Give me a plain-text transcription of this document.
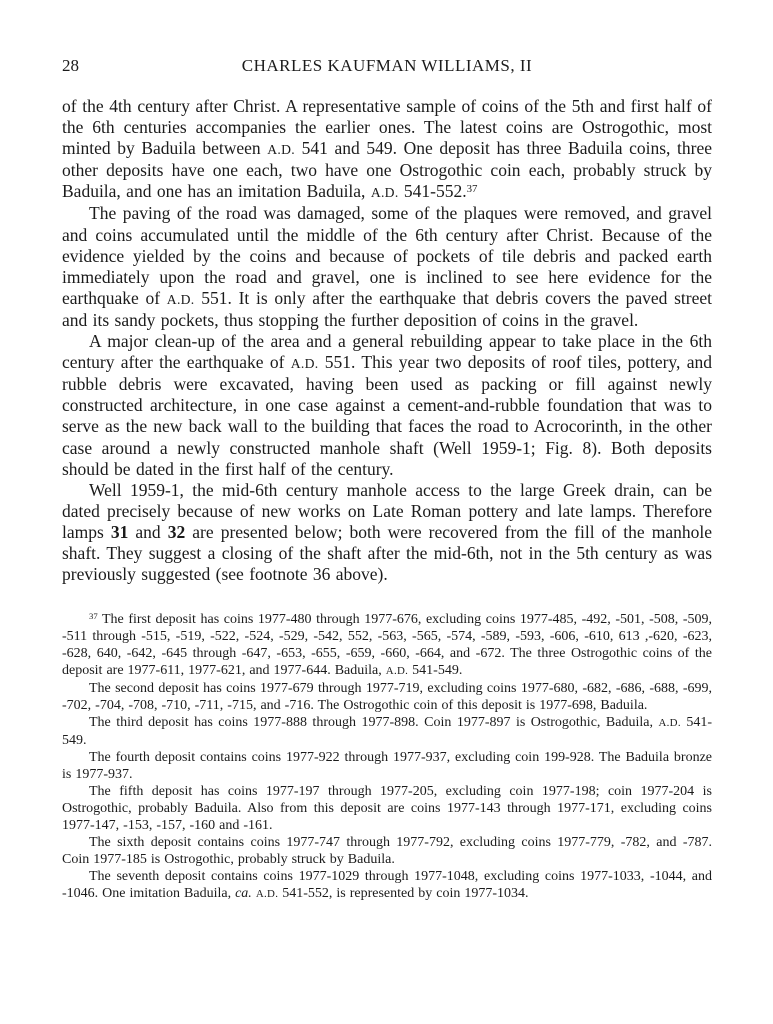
28	CHARLES KAUFMAN WILLIAMS, II

of the 4th century after Christ. A representative sample of coins of the 5th and first half of the 6th centuries accompanies the earlier ones. The latest coins are Ostrogothic, most minted by Baduila between A.D. 541 and 549. One deposit has three Baduila coins, three other deposits have one each, two have one Ostrogothic coin each, probably struck by Baduila, and one has an imitation Baduila, A.D. 541-552.37

The paving of the road was damaged, some of the plaques were removed, and gravel and coins accumulated until the middle of the 6th century after Christ. Because of the evidence yielded by the coins and because of pockets of tile debris and packed earth immediately upon the road and gravel, one is inclined to see here evidence for the earthquake of A.D. 551. It is only after the earthquake that debris covers the paved street and its sandy pockets, thus stopping the further deposition of coins in the gravel.

A major clean-up of the area and a general rebuilding appear to take place in the 6th century after the earthquake of A.D. 551. This year two deposits of roof tiles, pottery, and rubble debris were excavated, having been used as packing or fill against newly constructed architecture, in one case against a cement-and-rubble foundation that was to serve as the new back wall to the building that faces the road to Acrocorinth, in the other case around a newly constructed manhole shaft (Well 1959-1; Fig. 8). Both deposits should be dated in the first half of the century.

Well 1959-1, the mid-6th century manhole access to the large Greek drain, can be dated precisely because of new works on Late Roman pottery and late lamps. Therefore lamps 31 and 32 are presented below; both were recovered from the fill of the manhole shaft. They suggest a closing of the shaft after the mid-6th, not in the 5th century as was previously suggested (see footnote 36 above).

$^{37}$ The first deposit has coins 1977-480 through 1977-676, excluding coins 1977-485, -492, -501, -508, -509, -511 through -515, -519, -522, -524, -529, -542, 552, -563, -565, -574, -589, -593, -606, -610, 613 ,-620, -623, -628, 640, -642, -645 through -647, -653, -655, -659, -660, -664, and -672. The three Ostrogothic coins of the deposit are 1977-611, 1977-621, and 1977-644. Baduila, A.D. 541-549.

The second deposit has coins 1977-679 through 1977-719, excluding coins 1977-680, -682, -686, -688, -699, -702, -704, -708, -710, -711, -715, and -716. The Ostrogothic coin of this deposit is 1977-698, Baduila.

The third deposit has coins 1977-888 through 1977-898. Coin 1977-897 is Ostrogothic, Baduila, A.D. 541-549.

The fourth deposit contains coins 1977-922 through 1977-937, excluding coin 199-928. The Baduila bronze is 1977-937.

The fifth deposit has coins 1977-197 through 1977-205, excluding coin 1977-198; coin 1977-204 is Ostrogothic, probably Baduila. Also from this deposit are coins 1977-143 through 1977-171, excluding coins 1977-147, -153, -157, -160 and -161.

The sixth deposit contains coins 1977-747 through 1977-792, excluding coins 1977-779, -782, and -787. Coin 1977-185 is Ostrogothic, probably struck by Baduila.

The seventh deposit contains coins 1977-1029 through 1977-1048, excluding coins 1977-1033, -1044, and -1046. One imitation Baduila, ca. A.D. 541-552, is represented by coin 1977-1034.
